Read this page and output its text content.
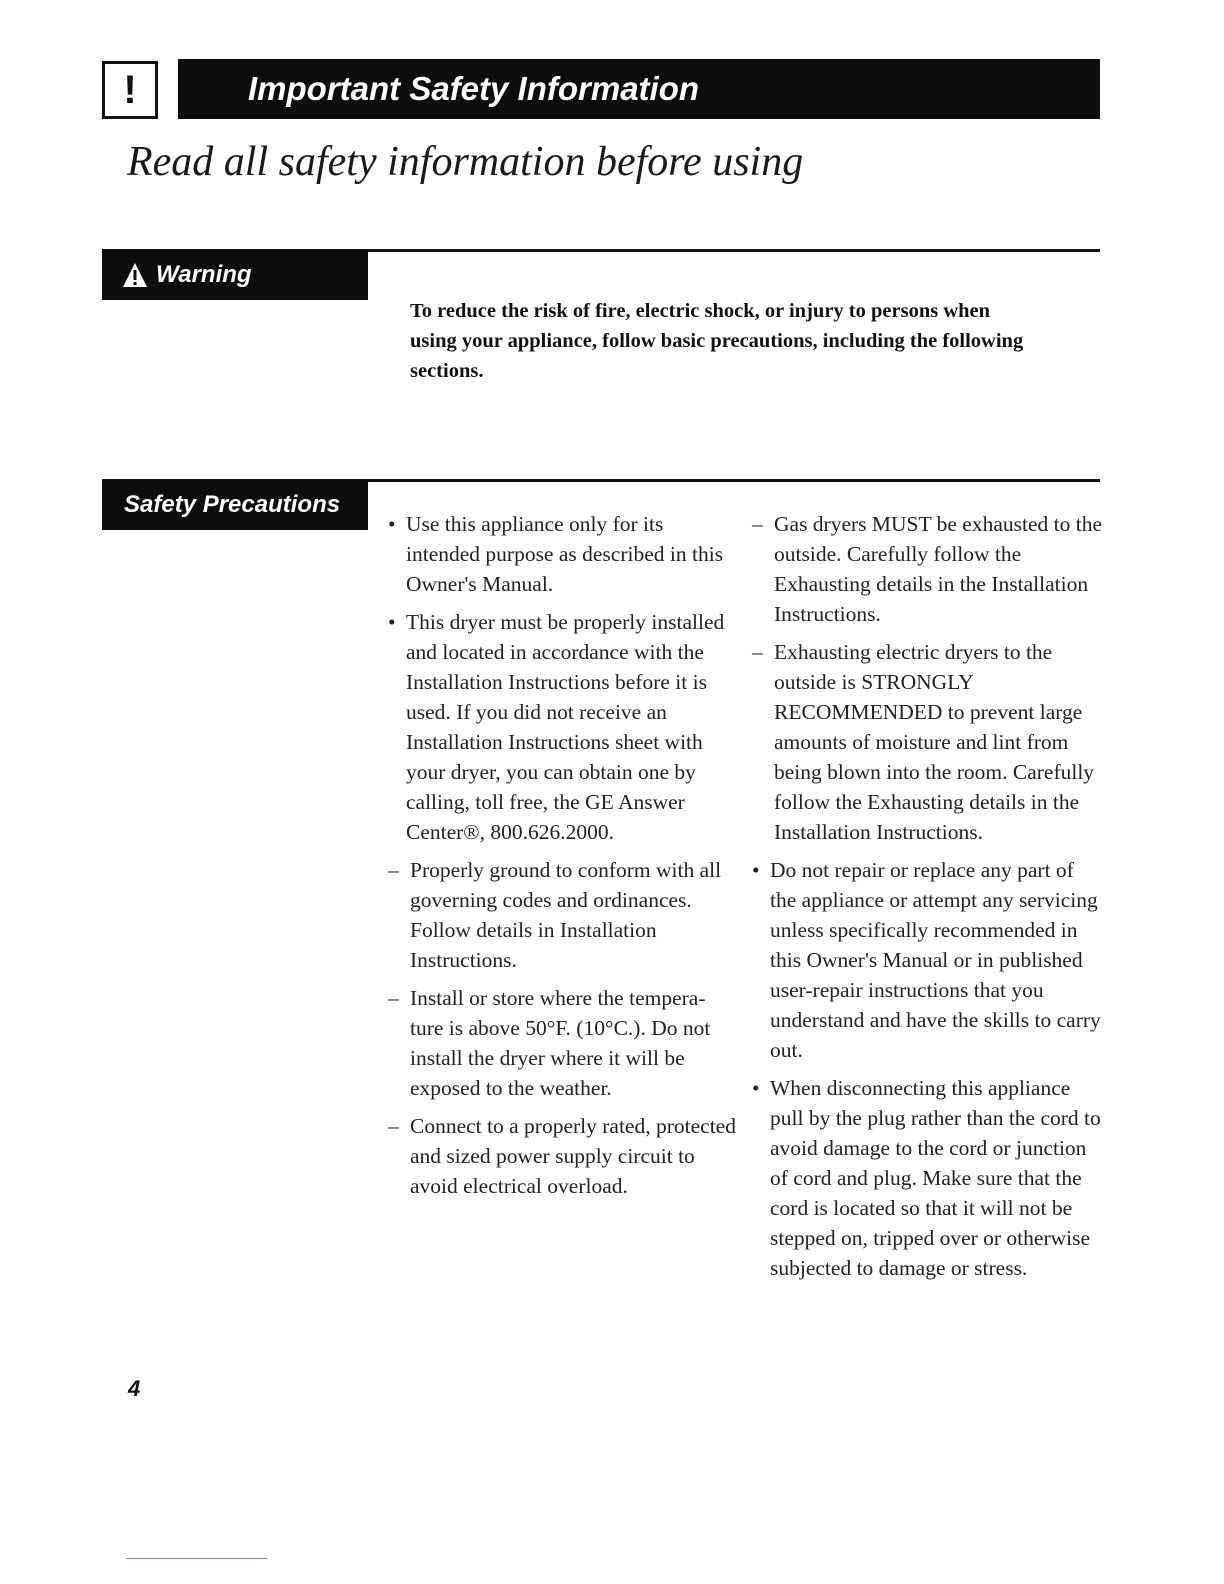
!	Important Safety Information
Read all safety information before using
Warning
To reduce the risk of fire, electric shock, or injury to persons when using your appliance, follow basic precautions, including the following sections.
Safety Precautions
• Use this appliance only for its intended purpose as described in this Owner's Manual.
• This dryer must be properly installed and located in accordance with the Installation Instructions before it is used. If you did not receive an Installation Instructions sheet with your dryer, you can obtain one by calling, toll free, the GE Answer Center®, 800.626.2000.
– Properly ground to conform with all governing codes and ordinances. Follow details in Installation Instructions.
– Install or store where the tempera-ture is above 50°F. (10°C.). Do not install the dryer where it will be exposed to the weather.
– Connect to a properly rated, protected and sized power supply circuit to avoid electrical overload.
– Gas dryers MUST be exhausted to the outside. Carefully follow the Exhausting details in the Installation Instructions.
– Exhausting electric dryers to the outside is STRONGLY RECOMMENDED to prevent large amounts of moisture and lint from being blown into the room. Carefully follow the Exhausting details in the Installation Instructions.
• Do not repair or replace any part of the appliance or attempt any servicing unless specifically recommended in this Owner's Manual or in published user-repair instructions that you understand and have the skills to carry out.
• When disconnecting this appliance pull by the plug rather than the cord to avoid damage to the cord or junction of cord and plug. Make sure that the cord is located so that it will not be stepped on, tripped over or otherwise subjected to damage or stress.
4
